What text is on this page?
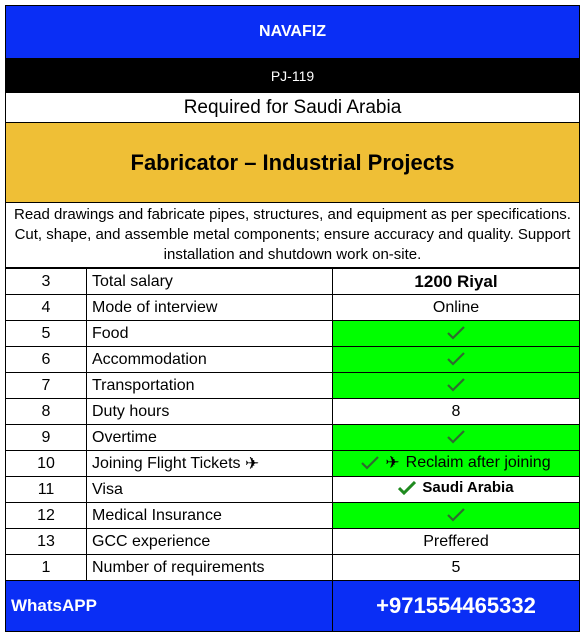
NAVAFIZ
PJ-119
Required for Saudi Arabia
Fabricator – Industrial Projects
Read drawings and fabricate pipes, structures, and equipment as per specifications. Cut, shape, and assemble metal components; ensure accuracy and quality. Support installation and shutdown work on-site.
3	Total salary	1200 Riyal
4	Mode of interview	Online
5	Food	
6	Accommodation	
7	Transportation	
8	Duty hours	8
9	Overtime	
10	Joining Flight Tickets ✈	✈ Reclaim after joining

11	Visa	Saudi Arabia

12	Medical Insurance	
13	GCC experience	Preffered
1	Number of requirements	5
WhatsAPP		+971554465332
